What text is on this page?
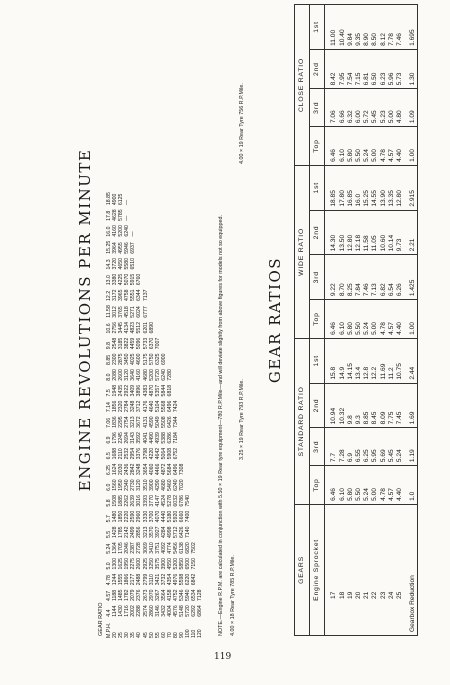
ENGINE REVOLUTIONS PER MINUTE
GEAR RATIO M.P.H.	4.4	4.57	4.78	5.0	5.24	5.5	5.7	5.8	6.0	6.25	6.5	6.9	7.06	7.14	7.5	8.0	8.85	9.8	10.6	11.58	12.2	13.0	14.3	15.25	16.0	17.8	18.85
20	1144	1188	1244	1300	1364	1428	1480	1508	1560	1624	1688	1796	1836	1856	1948	2080	2300	2548	2756	3012	3172	3380	3720	3964	4160	4628	4900
25	1430	1485	1555	1625	1705	1785	1850	1885	1950	2030	2110	2245	2295	2320	2435	2600	2875	3185	3445	3765	3965	4225	4650	4955	5200	5785	6125
30	1716	1782	1866	1950	2046	2142	2220	2262	2340	2436	2532	2694	2754	2784	2922	3120	3450	3822	4134	4518	4758	5070	5580	5946	6240	—	—
35	2002	2079	2177	2275	2387	2499	2590	2639	2730	2842	2954	3143	3213	3248	3409	3640	4025	4459	4823	5271	5551	5915	6510	6937	—		
40	2288	2376	2488	2600	2728	2856	2960	3016	3120	3248	3376	3592	3672	3712	3896	4160	4600	5096	5512	6024	6344	6760					
45	2574	2673	2799	2925	3069	3213	3330	3393	3510	3654	3798	4041	4131	4176	4383	4680	5175	5733	6201	6777	7137						
50	2860	2970	3110	3250	3410	3570	3700	3770	3900	4060	4220	4490	4590	4640	4870	5200	5750	6370	6890								
55	3146	3267	3421	3575	3751	3927	4070	4147	4290	4466	4642	4939	5049	5104	5357	5720	6325	7007									
60	3432	3564	3732	3900	4092	4284	4440	4524	4680	4872	5064	5388	5508	5568	5844	6240	6900										
70	4004	4158	4354	4550	4774	4998	5180	5278	5460	5684	5908	6286	6426	6496	6818	7280											
80	4576	4752	4976	5200	5456	5712	5920	6032	6240	6496	6752	7184	7344	7424													
90	5148	5346	5598	5850	6138	6426	6660	6786	7020	7308																	
100	5720	5940	6220	6500	6820	7140	7400	7540																			
110	6292	6534	6842	7150	7502																						
120	6864	7128																										NOTE.—Engine R.P.M. are calculated in conjunction with 5.50 × 19 Rear tyre equipment—780 R.P.Mile—and will deviate slightly from above figures for models not so equipped. 4.00 × 18 Rear Tyre 785 R.P.Mile.
3.25 × 19 Rear Tyre 793 R.P.Mile.
4.00 × 19 Rear Tyre 756 R.P.Mile.
GEAR RATIOS
GEARS	STANDARD RATIO				WIDE RATIO				CLOSE RATIO			
Engine Sprocket	Top	3rd	2nd	1st	Top	3rd	2nd	1st	Top	3rd	2nd	1st

17	6.46	7.7	10.94	15.8	6.46	9.22	14.30	18.85	6.46	7.06	8.42	11.00
18	6.10	7.28	10.32	14.9	6.10	8.70	13.50	17.80	6.10	6.66	7.95	10.40
19	5.80	6.9	9.8	14.15	5.80	8.25	12.80	16.85	5.80	6.32	7.54	9.84
20	5.50	6.55	9.3	13.4	5.50	7.84	12.18	16.0	5.50	6.00	7.15	9.35
21	5.24	6.25	8.85	12.8	5.24	7.46	11.58	15.25	5.24	5.72	6.81	8.90
22	5.00	5.95	8.45	12.2	5.00	7.13	11.05	14.55	5.00	5.45	6.50	8.50
23	4.78	5.69	8.09	11.69	4.78	6.82	10.60	13.90	4.78	5.23	6.23	8.12
24	4.57	5.45	7.75	11.2	4.57	6.54	10.14	13.35	4.57	5.00	5.96	7.78
25	4.40	5.24	7.45	10.75	4.40	6.26	9.73	12.80	4.40	4.80	5.73	7.46

Gearbox Reduction	1.0	1.19	1.69	2.44	1.00	1.425	2.21	2.915	1.00	1.09	1.30	1.695
119
